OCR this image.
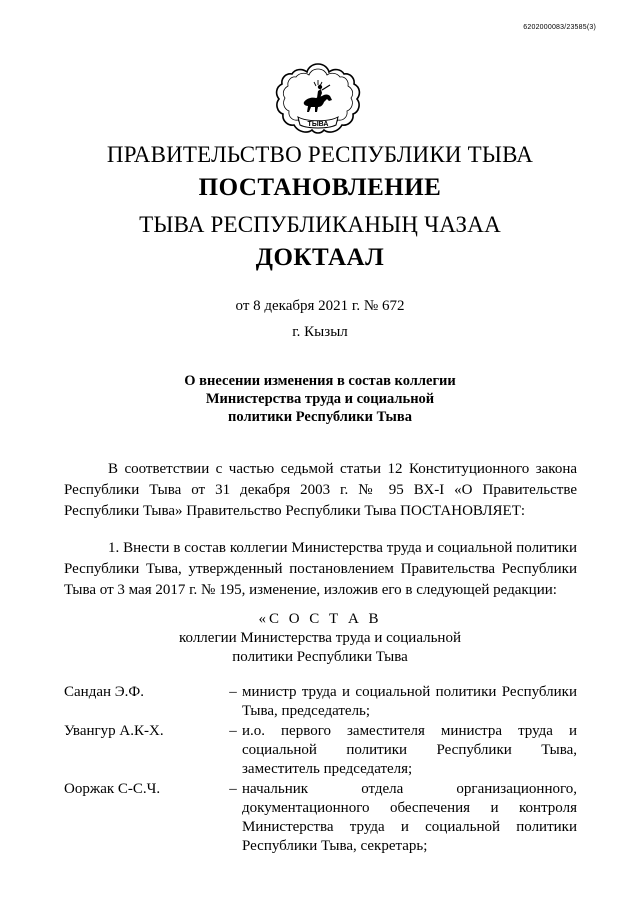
6202000083/23585(3)
ТЫВА
ПРАВИТЕЛЬСТВО РЕСПУБЛИКИ ТЫВА
ПОСТАНОВЛЕНИЕ
ТЫВА РЕСПУБЛИКАНЫҢ ЧАЗАА
ДОКТААЛ
от 8 декабря 2021 г. № 672
г. Кызыл
О внесении изменения в состав коллегии
Министерства труда и социальной
политики Республики Тыва

В соответствии с частью седьмой статьи 12 Конституционного закона Республики Тыва от 31 декабря 2003 г. № 95 ВХ-I «О Правительстве Республики Тыва» Правительство Республики Тыва ПОСТАНОВЛЯЕТ:

1. Внести в состав коллегии Министерства труда и социальной политики Республики Тыва, утвержденный постановлением Правительства Республики Тыва от 3 мая 2017 г. № 195, изменение, изложив его в следующей редакции:

«С О С Т А В
коллегии Министерства труда и социальной
политики Республики Тыва
Сандан Э.Ф.	– министр труда и социальной политики Республики Тыва, председатель;
Увангур А.К-Х.	– и.о. первого заместителя министра труда и социальной политики Республики Тыва, заместитель председателя;
Ооржак С-С.Ч.	– начальник отдела организационного, документационного обеспечения и контроля Министерства труда и социальной политики Республики Тыва, секретарь;
